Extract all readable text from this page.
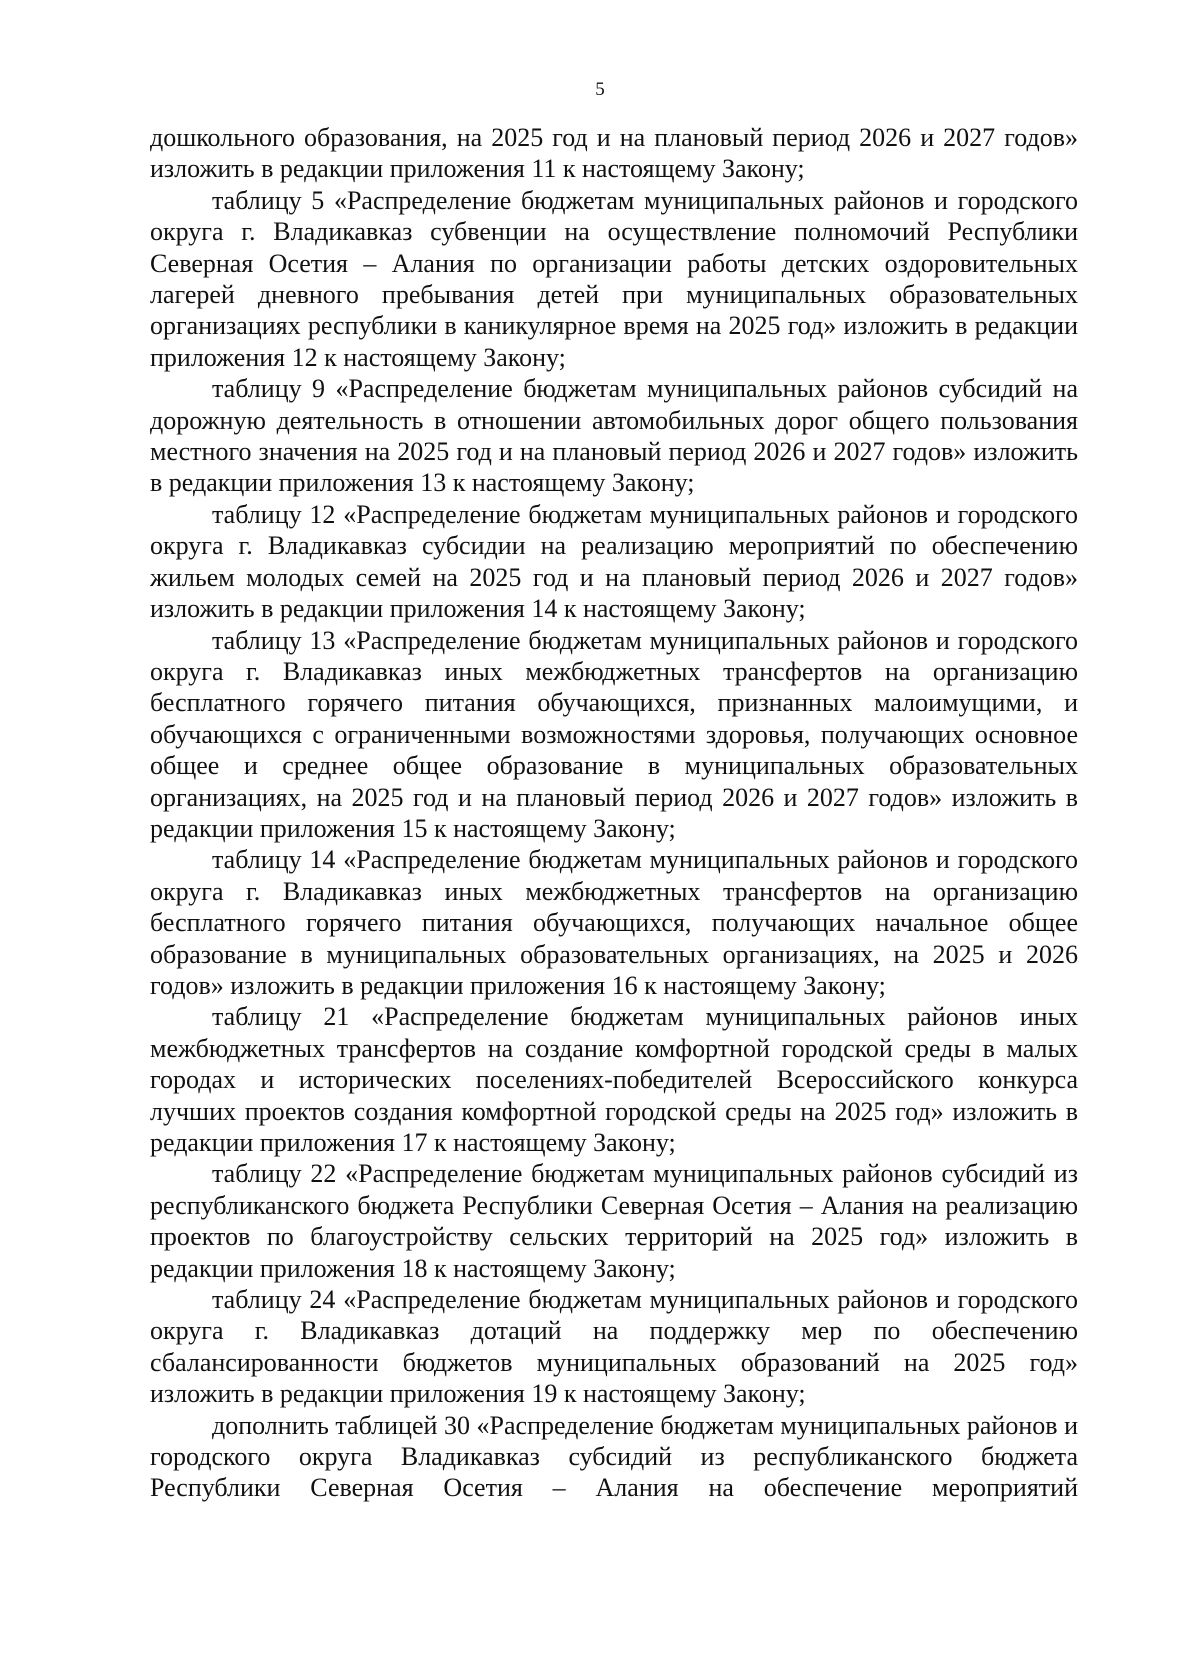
5

дошкольного образования, на 2025 год и на плановый период 2026 и 2027 годов» изложить в редакции приложения 11 к настоящему Закону;

таблицу 5 «Распределение бюджетам муниципальных районов и городского округа г. Владикавказ субвенции на осуществление полномочий Республики Северная Осетия – Алания по организации работы детских оздоровительных лагерей дневного пребывания детей при муниципальных образовательных организациях республики в каникулярное время на 2025 год» изложить в редакции приложения 12 к настоящему Закону;

таблицу 9 «Распределение бюджетам муниципальных районов субсидий на дорожную деятельность в отношении автомобильных дорог общего пользования местного значения на 2025 год и на плановый период 2026 и 2027 годов» изложить в редакции приложения 13 к настоящему Закону;

таблицу 12 «Распределение бюджетам муниципальных районов и городского округа г. Владикавказ субсидии на реализацию мероприятий по обеспечению жильем молодых семей на 2025 год и на плановый период 2026 и 2027 годов» изложить в редакции приложения 14 к настоящему Закону;

таблицу 13 «Распределение бюджетам муниципальных районов и городского округа г. Владикавказ иных межбюджетных трансфертов на организацию бесплатного горячего питания обучающихся, признанных малоимущими, и обучающихся с ограниченными возможностями здоровья, получающих основное общее и среднее общее образование в муниципальных образовательных организациях, на 2025 год и на плановый период 2026 и 2027 годов» изложить в редакции приложения 15 к настоящему Закону;

таблицу 14 «Распределение бюджетам муниципальных районов и городского округа г. Владикавказ иных межбюджетных трансфертов на организацию бесплатного горячего питания обучающихся, получающих начальное общее образование в муниципальных образовательных организациях, на 2025 и 2026 годов» изложить в редакции приложения 16 к настоящему Закону;

таблицу 21 «Распределение бюджетам муниципальных районов иных межбюджетных трансфертов на создание комфортной городской среды в малых городах и исторических поселениях-победителей Всероссийского конкурса лучших проектов создания комфортной городской среды на 2025 год» изложить в редакции приложения 17 к настоящему Закону;

таблицу 22 «Распределение бюджетам муниципальных районов субсидий из республиканского бюджета Республики Северная Осетия – Алания на реализацию проектов по благоустройству сельских территорий на 2025 год» изложить в редакции приложения 18 к настоящему Закону;

таблицу 24 «Распределение бюджетам муниципальных районов и городского округа г. Владикавказ дотаций на поддержку мер по обеспечению сбалансированности бюджетов муниципальных образований на 2025 год» изложить в редакции приложения 19 к настоящему Закону;

дополнить таблицей 30 «Распределение бюджетам муниципальных районов и городского округа Владикавказ субсидий из республиканского бюджета Республики Северная Осетия – Алания на обеспечение мероприятий
